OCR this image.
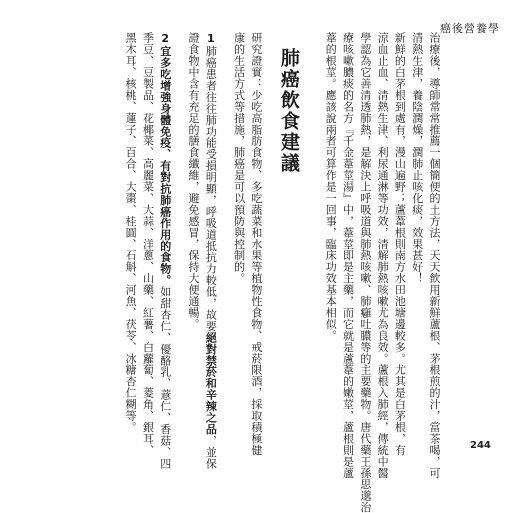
癌後營養學
治療後，導師常常推薦一個簡便的土方法，天天飲用新鮮蘆根、茅根煎的汁，當茶喝，可
清熱生津，養陰潤燥，潤肺止咳化痰，效果甚好！
新鮮的白茅根到處有，漫山遍野；蘆葦根則南方水田池塘邊較多。尤其是白茅根，有
涼血止血、清熱生津、利尿通淋等功效，清解肺熱咳嗽尤為良效。蘆根入肺經，傳統中醫
學認為它善清透肺熱，是解決上呼吸道與肺熱咳嗽、肺癰吐膿等的主要藥物。唐代藥王孫思邈治
療咳嗽膿痰的名方『千金葦莖湯』中，葦莖即是主藥，而它就是蘆葦的嫩莖，蘆根則是蘆
葦的根莖。應該說兩者可算作是一回事，臨床功效基本相似。
肺癌飲食建議
研究證實：少吃高脂肪食物、多吃蔬菜和水果等植物性食物、戒菸限酒，採取積極健
康的生活方式等措施，肺癌是可以預防與控制的。
1肺癌患者往往肺功能受損明顯，呼吸道抵抗力較低，故要絕對禁菸和辛辣之品，並保
證食物中含有充足的膳食纖維，避免感冒，保持大便通暢。
2宜多吃增強身體免疫、有對抗肺癌作用的食物。如甜杏仁、優酪乳、薏仁、香菇、四
季豆、豆製品、花椰菜、高麗菜、大蒜、洋蔥、山藥、紅薯、白蘿蔔、菱角、銀耳、
黑木耳、核桃、蓮子、百合、大棗、桂圓、石斛、河魚、茯苓、冰糖杏仁糊等。
244
